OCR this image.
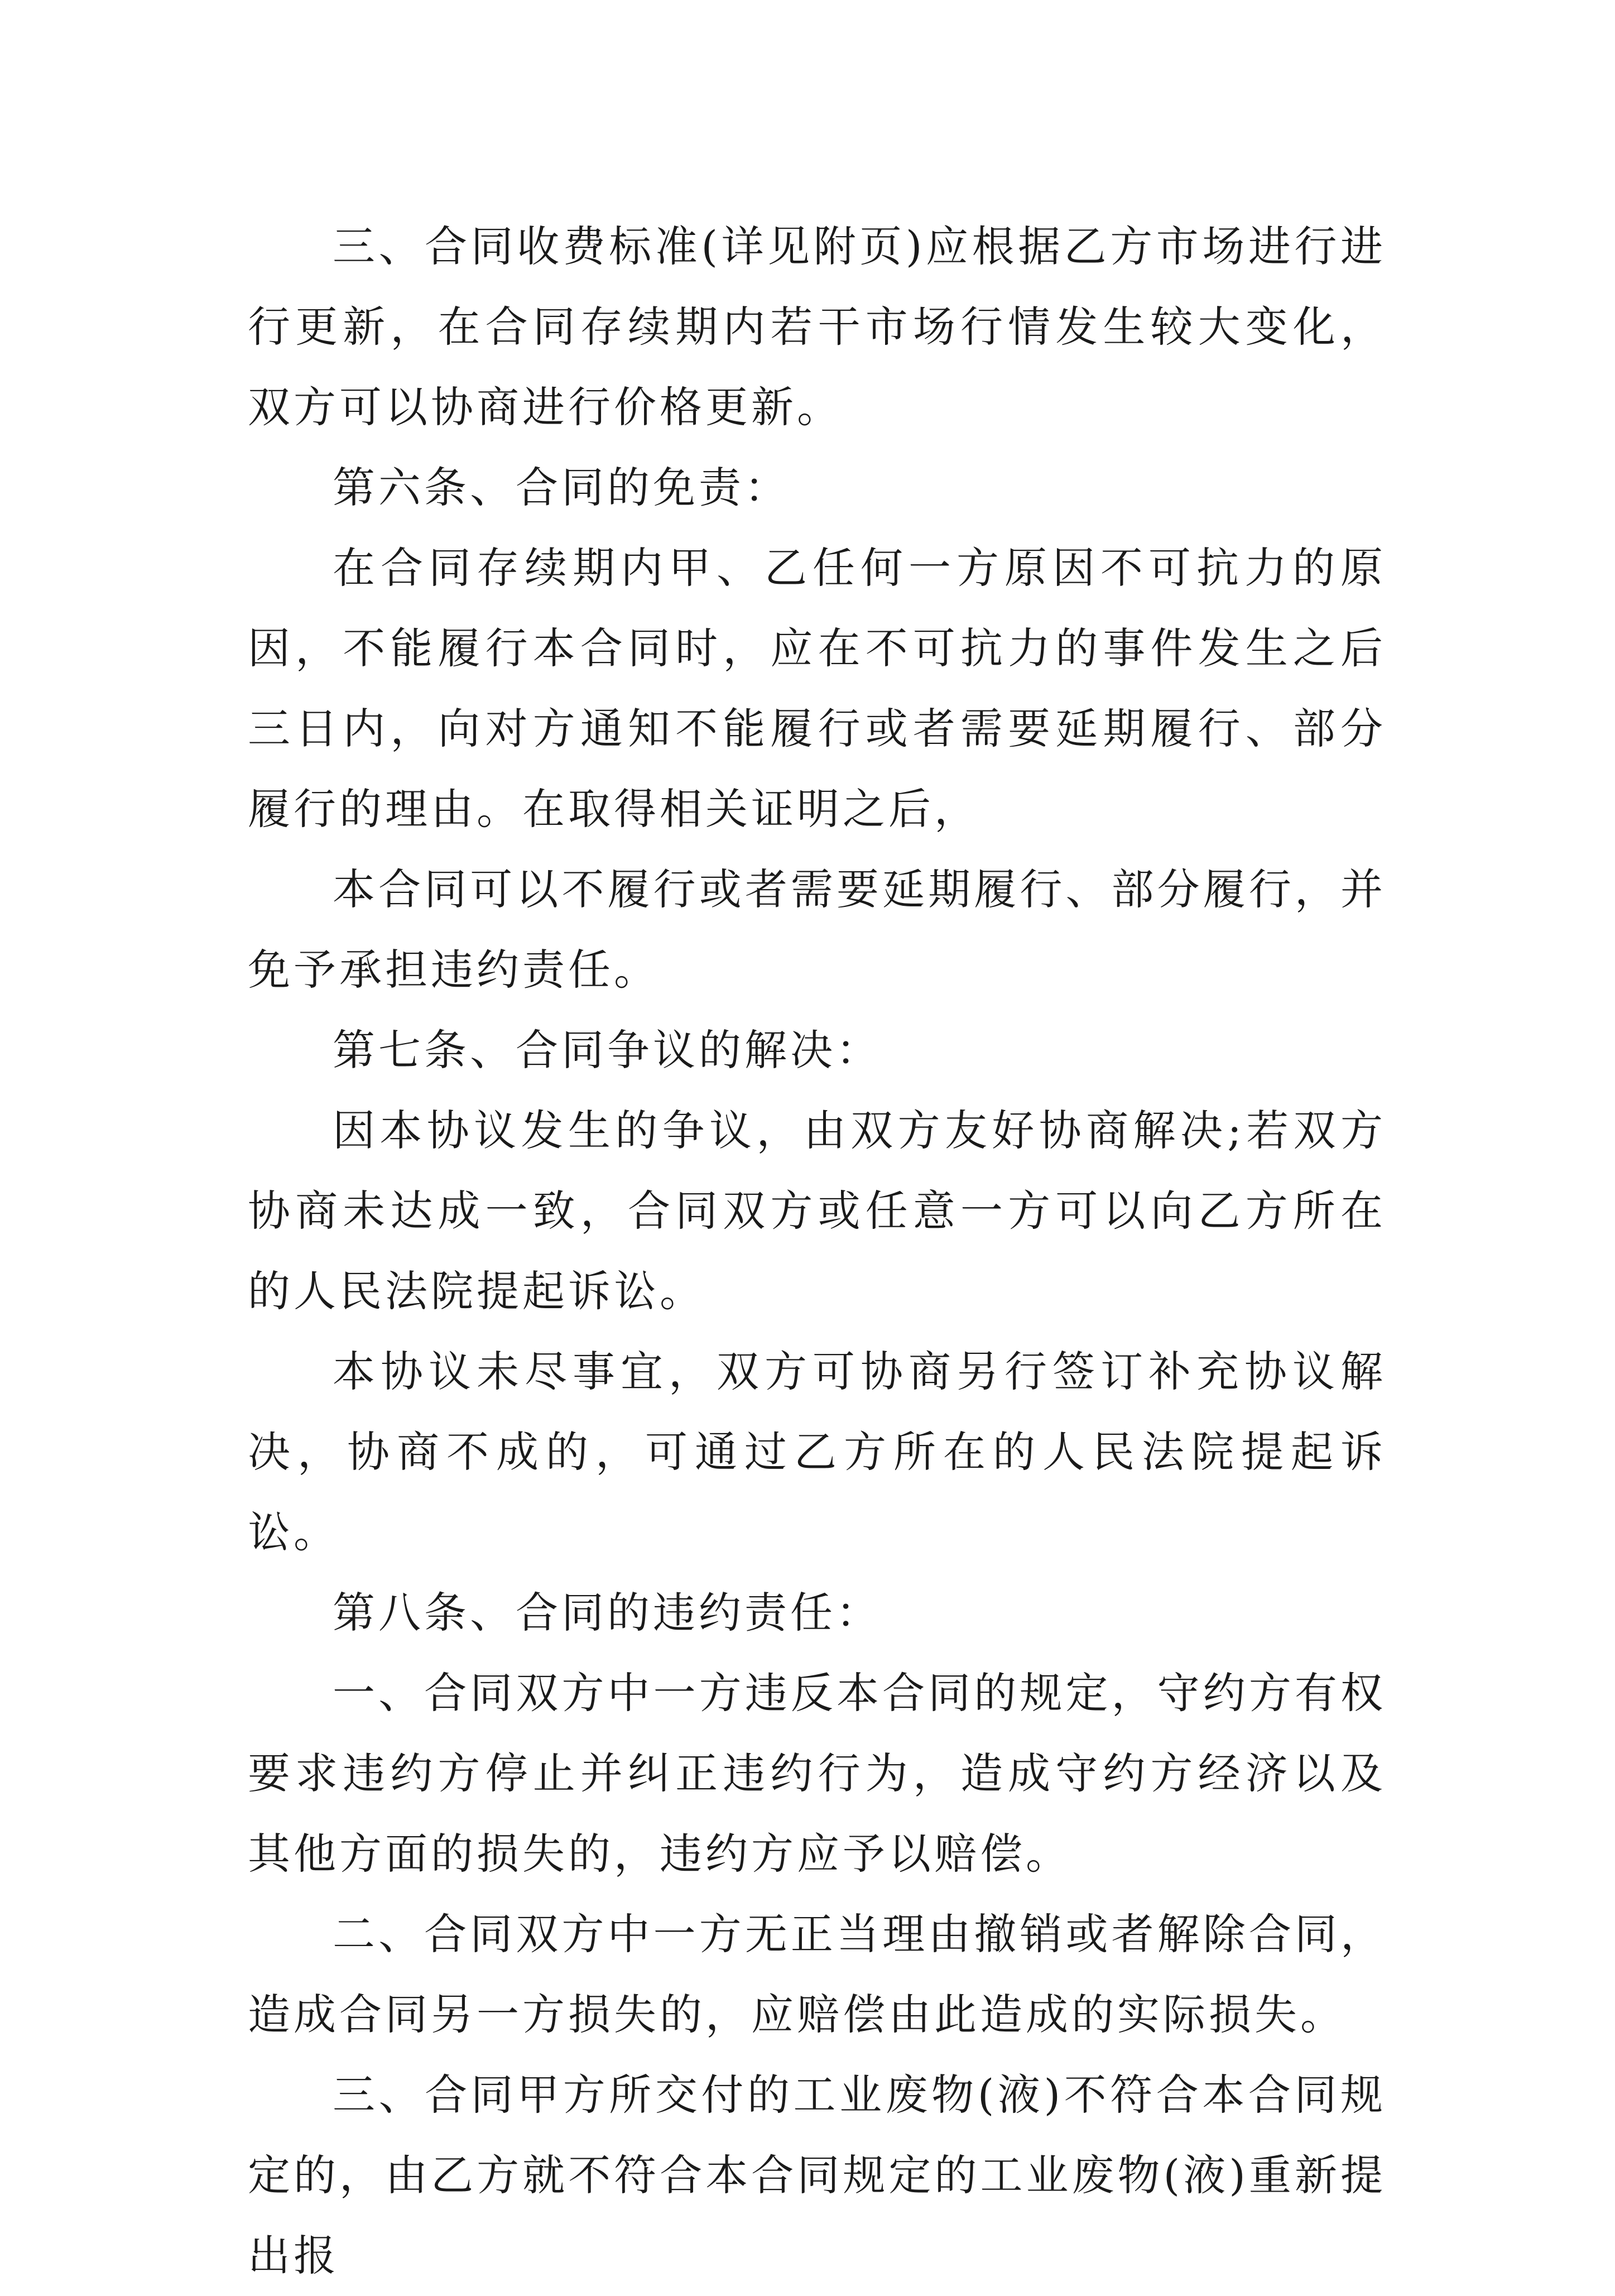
三、合同收费标准(详见附页)应根据乙方市场进行进行更新，在合同存续期内若干市场行情发生较大变化，双方可以协商进行价格更新。

第六条、合同的免责：

在合同存续期内甲、乙任何一方原因不可抗力的原因，不能履行本合同时，应在不可抗力的事件发生之后三日内，向对方通知不能履行或者需要延期履行、部分履行的理由。在取得相关证明之后，

本合同可以不履行或者需要延期履行、部分履行，并免予承担违约责任。

第七条、合同争议的解决：

因本协议发生的争议，由双方友好协商解决;若双方协商未达成一致，合同双方或任意一方可以向乙方所在的人民法院提起诉讼。

本协议未尽事宜，双方可协商另行签订补充协议解决，协商不成的，可通过乙方所在的人民法院提起诉讼。

第八条、合同的违约责任：

一、合同双方中一方违反本合同的规定，守约方有权要求违约方停止并纠正违约行为，造成守约方经济以及其他方面的损失的，违约方应予以赔偿。

二、合同双方中一方无正当理由撤销或者解除合同，造成合同另一方损失的，应赔偿由此造成的实际损失。

三、合同甲方所交付的工业废物(液)不符合本合同规定的，由乙方就不符合本合同规定的工业废物(液)重新提出报
